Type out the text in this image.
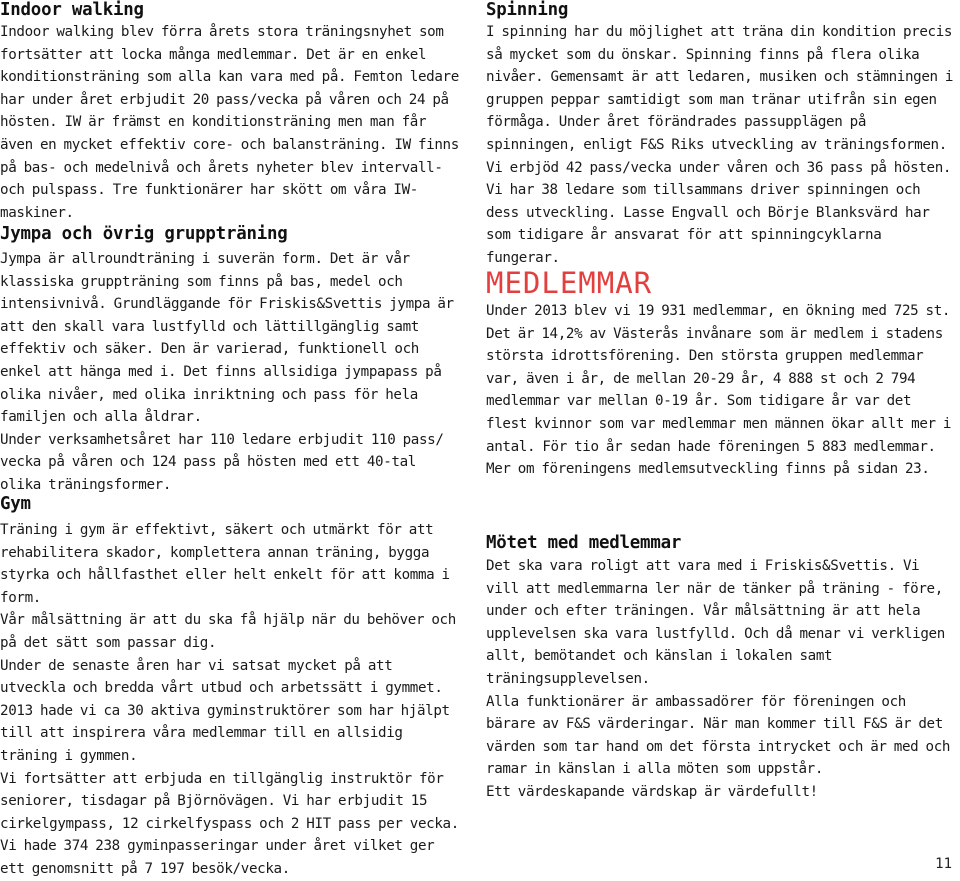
Indoor walking

Indoor walking blev förra årets stora träningsnyhet som fortsätter att locka många medlemmar. Det är en enkel konditionsträning som alla kan vara med på. Femton ledare har under året erbjudit 20 pass/vecka på våren och 24 på hösten. IW är främst en konditionsträning men man får även en mycket effektiv core- och balansträning. IW finns på bas- och medelnivå och årets nyheter blev intervall- och pulspass. Tre funktionärer har skött om våra IW-maskiner.

Jympa och övrig gruppträning

Jympa är allroundträning i suverän form. Det är vår klassiska gruppträning som finns på bas, medel och intensivnivå. Grundläggande för Friskis&Svettis jympa är att den skall vara lustfylld och lättillgänglig samt effektiv och säker. Den är varierad, funktionell och enkel att hänga med i. Det finns allsidiga jympapass på olika nivåer, med olika inriktning och pass för hela familjen och alla åldrar.

Under verksamhetsåret har 110 ledare erbjudit 110 pass/ vecka på våren och 124 pass på hösten med ett 40-tal olika träningsformer.

Gym

Träning i gym är effektivt, säkert och utmärkt för att rehabilitera skador, komplettera annan träning, bygga styrka och hållfasthet eller helt enkelt för att komma i form.

Vår målsättning är att du ska få hjälp när du behöver och på det sätt som passar dig.

Under de senaste åren har vi satsat mycket på att utveckla och bredda vårt utbud och arbetssätt i gymmet. 2013 hade vi ca 30 aktiva gyminstruktörer som har hjälpt till att inspirera våra medlemmar till en allsidig träning i gymmen.

Vi fortsätter att erbjuda en tillgänglig instruktör för seniorer, tisdagar på Björnövägen. Vi har erbjudit 15 cirkelgympass, 12 cirkelfyspass och 2 HIT pass per vecka. Vi hade 374 238 gyminpasseringar under året vilket ger ett genomsnitt på 7 197 besök/vecka.

Spinning

I spinning har du möjlighet att träna din kondition precis så mycket som du önskar. Spinning finns på flera olika nivåer. Gemensamt är att ledaren, musiken och stämningen i gruppen peppar samtidigt som man tränar utifrån sin egen förmåga. Under året förändrades passupplägen på spinningen, enligt F&S Riks utveckling av träningsformen.

Vi erbjöd 42 pass/vecka under våren och 36 pass på hösten.

Vi har 38 ledare som tillsammans driver spinningen och dess utveckling. Lasse Engvall och Börje Blanksvärd har som tidigare år ansvarat för att spinningcyklarna fungerar.

MEDLEMMAR

Under 2013 blev vi 19 931 medlemmar, en ökning med 725 st. Det är 14,2% av Västerås invånare som är medlem i stadens största idrottsförening. Den största gruppen medlemmar var, även i år, de mellan 20-29 år, 4 888 st och 2 794 medlemmar var mellan 0-19 år. Som tidigare år var det flest kvinnor som var medlemmar men männen ökar allt mer i antal. För tio år sedan hade föreningen 5 883 medlemmar. Mer om föreningens medlemsutveckling finns på sidan 23.

Mötet med medlemmar

Det ska vara roligt att vara med i Friskis&Svettis. Vi vill att medlemmarna ler när de tänker på träning - före, under och efter träningen. Vår målsättning är att hela upplevelsen ska vara lustfylld. Och då menar vi verkligen allt, bemötandet och känslan i lokalen samt träningsupplevelsen.

Alla funktionärer är ambassadörer för föreningen och bärare av F&S värderingar. När man kommer till F&S är det värden som tar hand om det första intrycket och är med och ramar in känslan i alla möten som uppstår.

Ett värdeskapande värdskap är värdefullt!

11
